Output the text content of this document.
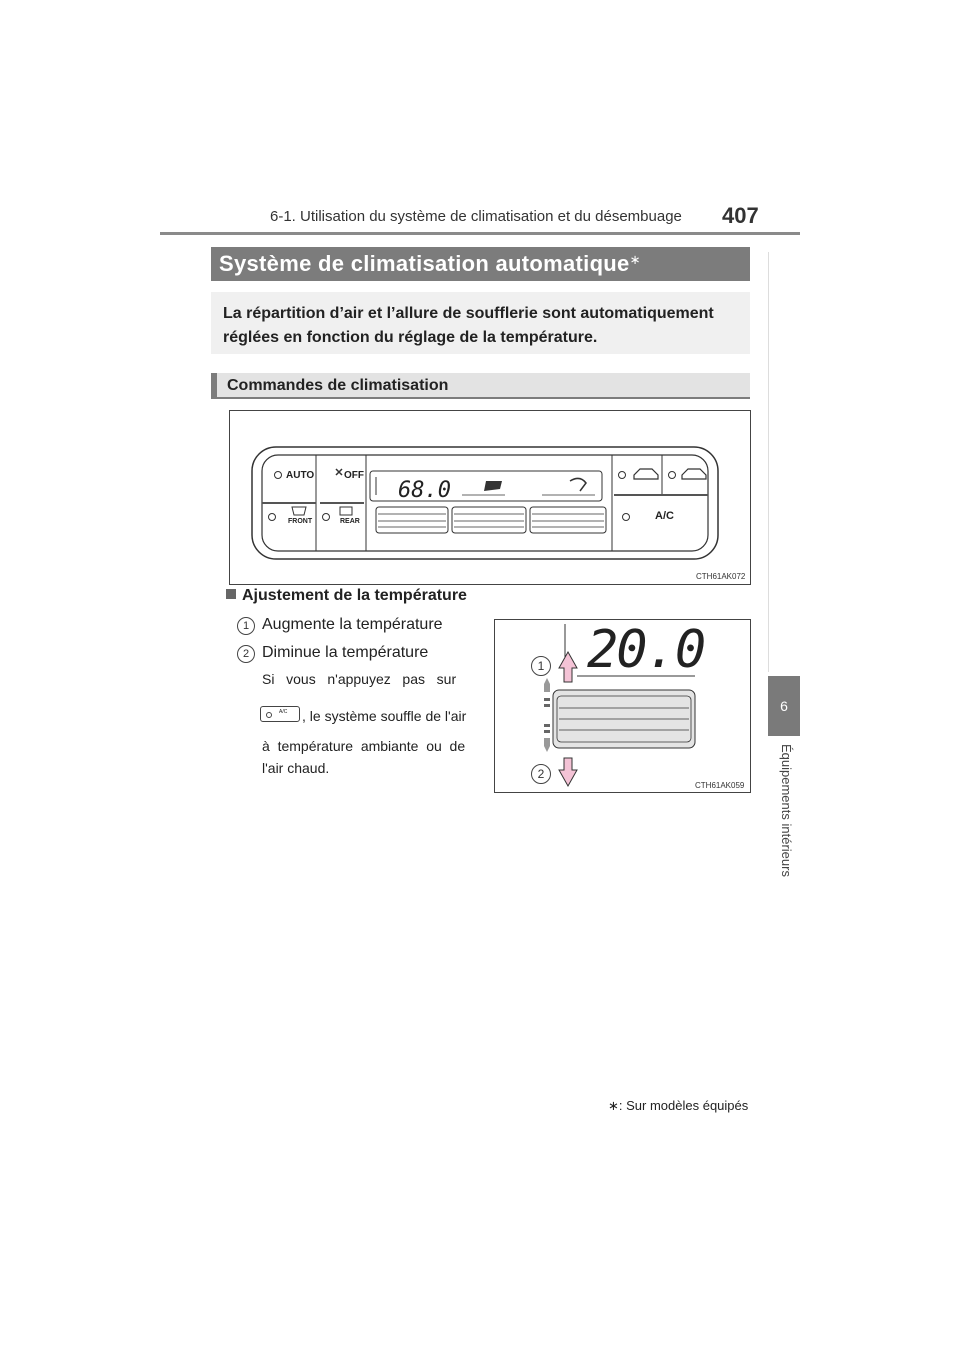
6-1. Utilisation du système de climatisation et du désembuage 407
6
Équipements intérieurs
Système de climatisation automatique∗
La répartition d’air et l’allure de soufflerie sont automatiquement réglées en fonction du réglage de la température.
Commandes de climatisation
AUTO	OFF
FRONT	REAR	A/C
68.0
CTH61AK072
Ajustement de la température
1 Augmente la température
2 Diminue la température
Si   vous   n'appuyez   pas   sur
A/C , le système souffle de l'air
à  température  ambiante  ou  de
l'air chaud.
1
2
20.0
CTH61AK059
∗: Sur modèles équipés
